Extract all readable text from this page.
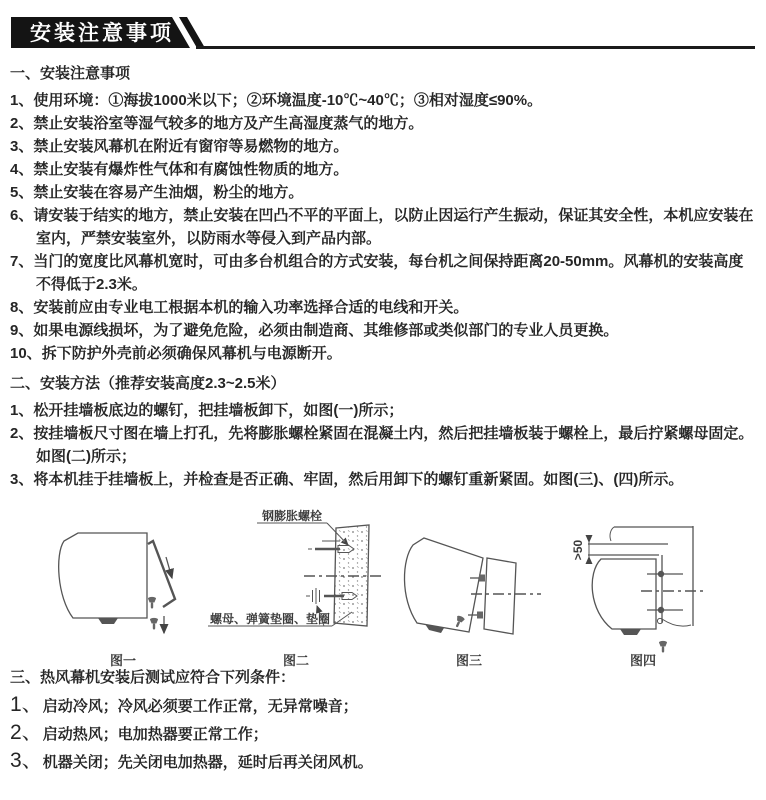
安装注意事项

一、安装注意事项

1、使用环境：①海拔1000米以下；②环境温度-10℃~40℃；③相对湿度≤90%。

2、禁止安装浴室等湿气较多的地方及产生高湿度蒸气的地方。

3、禁止安装风幕机在附近有窗帘等易燃物的地方。

4、禁止安装有爆炸性气体和有腐蚀性物质的地方。

5、禁止安装在容易产生油烟，粉尘的地方。

6、请安装于结实的地方，禁止安装在凹凸不平的平面上，以防止因运行产生振动，保证其安全性，本机应安装在室内，严禁安装室外，以防雨水等侵入到产品内部。

7、当门的宽度比风幕机宽时，可由多台机组合的方式安装，每台机之间保持距离20-50mm。风幕机的安装高度不得低于2.3米。

8、安装前应由专业电工根据本机的输入功率选择合适的电线和开关。

9、如果电源线损坏，为了避免危险，必须由制造商、其维修部或类似部门的专业人员更换。

10、拆下防护外壳前必须确保风幕机与电源断开。

二、安装方法（推荐安装高度2.3~2.5米）

1、松开挂墙板底边的螺钉，把挂墙板卸下，如图(一)所示；

2、按挂墙板尺寸图在墙上打孔，先将膨胀螺栓紧固在混凝土内，然后把挂墙板装于螺栓上，最后拧紧螺母固定。如图(二)所示；

3、将本机挂于挂墙板上，并检查是否正确、牢固，然后用卸下的螺钉重新紧固。如图(三)、(四)所示。

图一
钢膨胀螺栓
螺母、弹簧垫圈、垫圈
图二	图三
>50
图四

三、热风幕机安装后测试应符合下列条件：

1、启动冷风；冷风必须要工作正常，无异常噪音；

2、启动热风；电加热器要正常工作；

3、机器关闭；先关闭电加热器，延时后再关闭风机。
